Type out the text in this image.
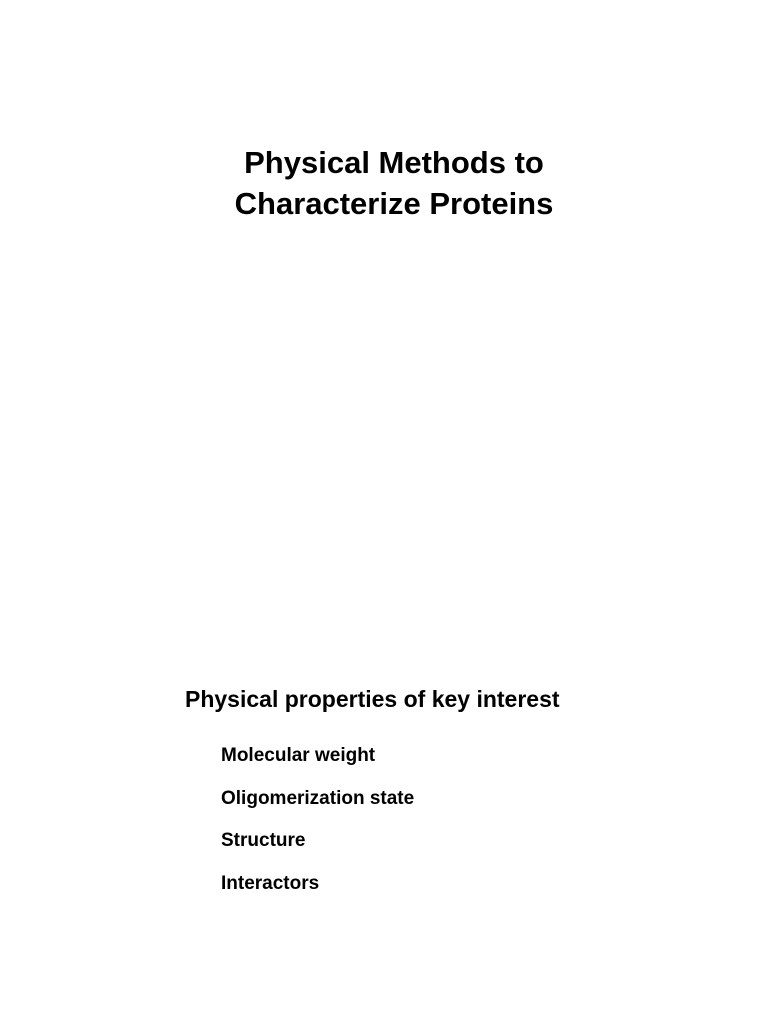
Physical Methods to
Characterize Proteins
Physical properties of key interest
Molecular weight
Oligomerization state
Structure
Interactors
